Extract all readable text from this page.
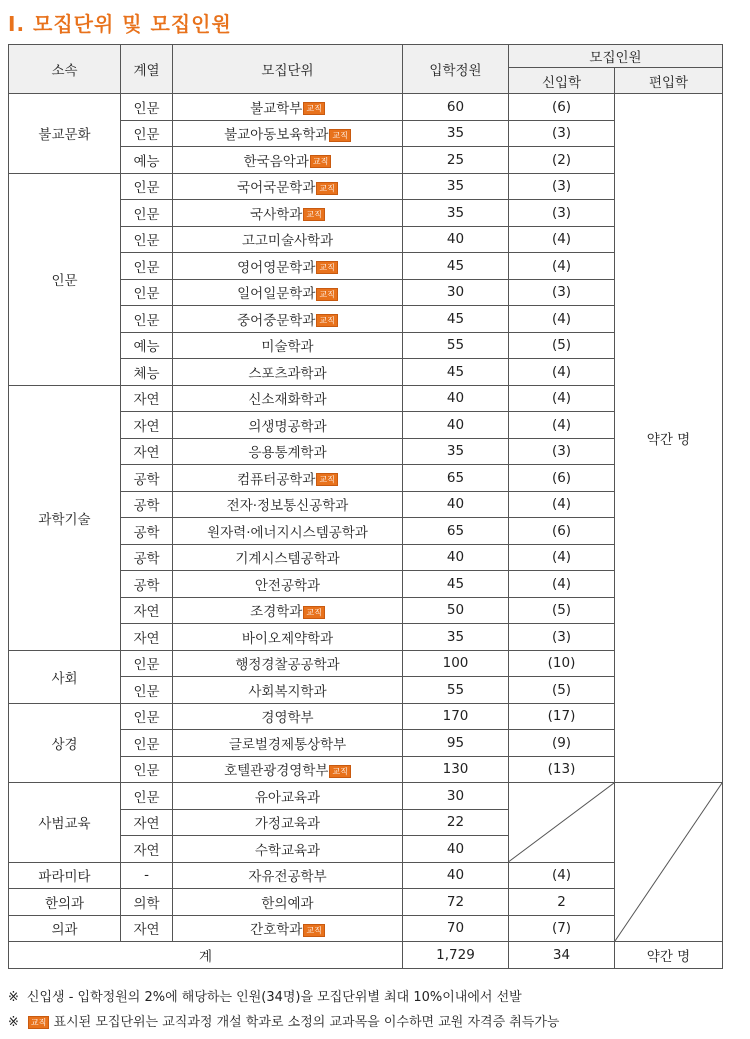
I. 모집단위 및 모집인원
소속	계열	모집단위	입학정원	모집인원	
				신입학	편입학
불교문화	인문	불교학부 교직	60	(6)	약간 명
	인문	불교아동보육학과 교직	35	(3)	
	예능	한국음악과 교직	25	(2)	
인문	인문	국어국문학과 교직	35	(3)	
	인문	국사학과 교직	35	(3)	
	인문	고고미술사학과	40	(4)	
	인문	영어영문학과 교직	45	(4)	
	인문	일어일문학과 교직	30	(3)	
	인문	중어중문학과 교직	45	(4)	
	예능	미술학과	55	(5)	
	체능	스포츠과학과	45	(4)	
과학기술	자연	신소재화학과	40	(4)	
	자연	의생명공학과	40	(4)	
	자연	응용통계학과	35	(3)	
	공학	컴퓨터공학과 교직	65	(6)	
	공학	전자·정보통신공학과	40	(4)	
	공학	원자력·에너지시스템공학과	65	(6)	
	공학	기계시스템공학과	40	(4)	
	공학	안전공학과	45	(4)	
	자연	조경학과 교직	50	(5)	
	자연	바이오제약학과	35	(3)	
사회	인문	행정경찰공공학과	100	(10)	
	인문	사회복지학과	55	(5)	
상경	인문	경영학부	170	(17)	
	인문	글로벌경제통상학부	95	(9)	
	인문	호텔관광경영학부 교직	130	(13)	
사범교육	인문	유아교육과	30	

	자연	가정교육과	22		
	자연	수학교육과	40		
파라미타	-	자유전공학부	40	(4)	
한의과	의학	한의예과	72	2	
의과	자연	간호학과 교직	70	(7)	
계			1,729	34	약간 명
※ 신입생 - 입학정원의 2%에 해당하는 인원(34명)을 모집단위별 최대 10%이내에서 선발
※ 교직 표시된 모집단위는 교직과정 개설 학과로 소정의 교과목을 이수하면 교원 자격증 취득가능
